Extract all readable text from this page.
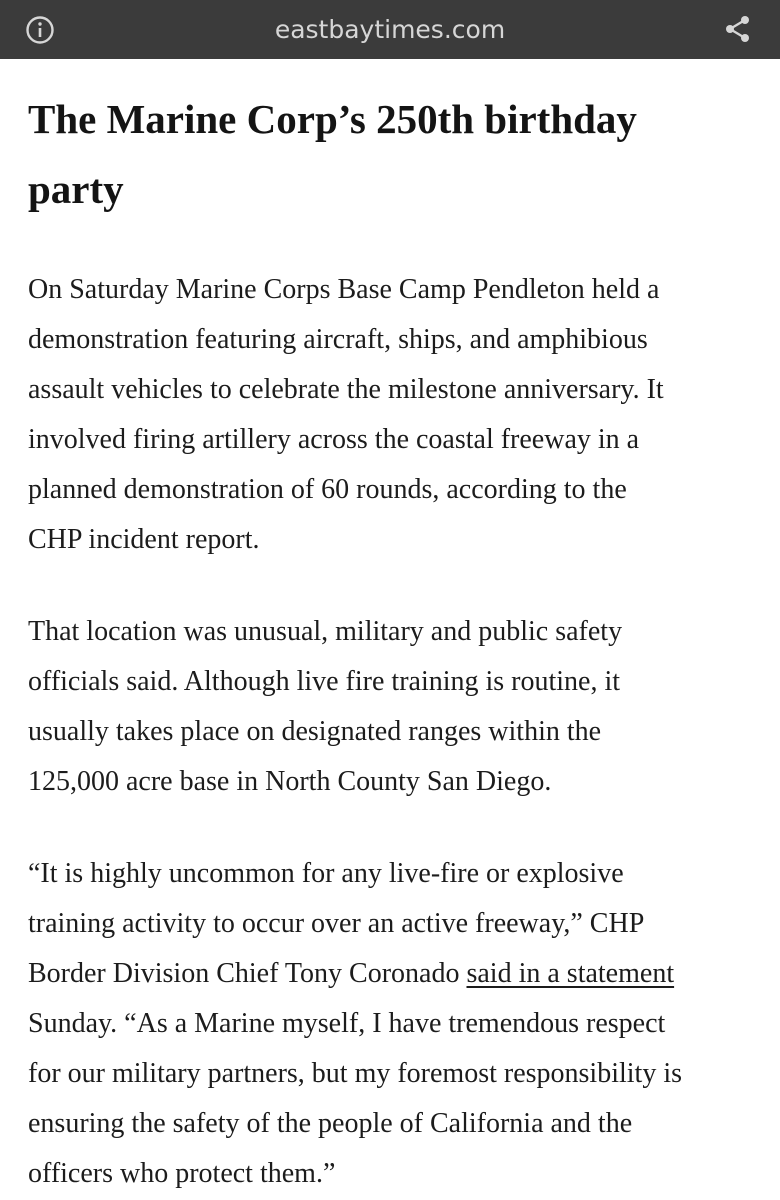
eastbaytimes.com
The Marine Corp’s 250th birthday
party

On Saturday Marine Corps Base Camp Pendleton held a
demonstration featuring aircraft, ships, and amphibious
assault vehicles to celebrate the milestone anniversary. It
involved firing artillery across the coastal freeway in a
planned demonstration of 60 rounds, according to the
CHP incident report.

That location was unusual, military and public safety
officials said. Although live fire training is routine, it
usually takes place on designated ranges within the
125,000 acre base in North County San Diego.

“It is highly uncommon for any live-fire or explosive
training activity to occur over an active freeway,” CHP
Border Division Chief Tony Coronado said in a statement
Sunday. “As a Marine myself, I have tremendous respect
for our military partners, but my foremost responsibility is
ensuring the safety of the people of California and the
officers who protect them.”
